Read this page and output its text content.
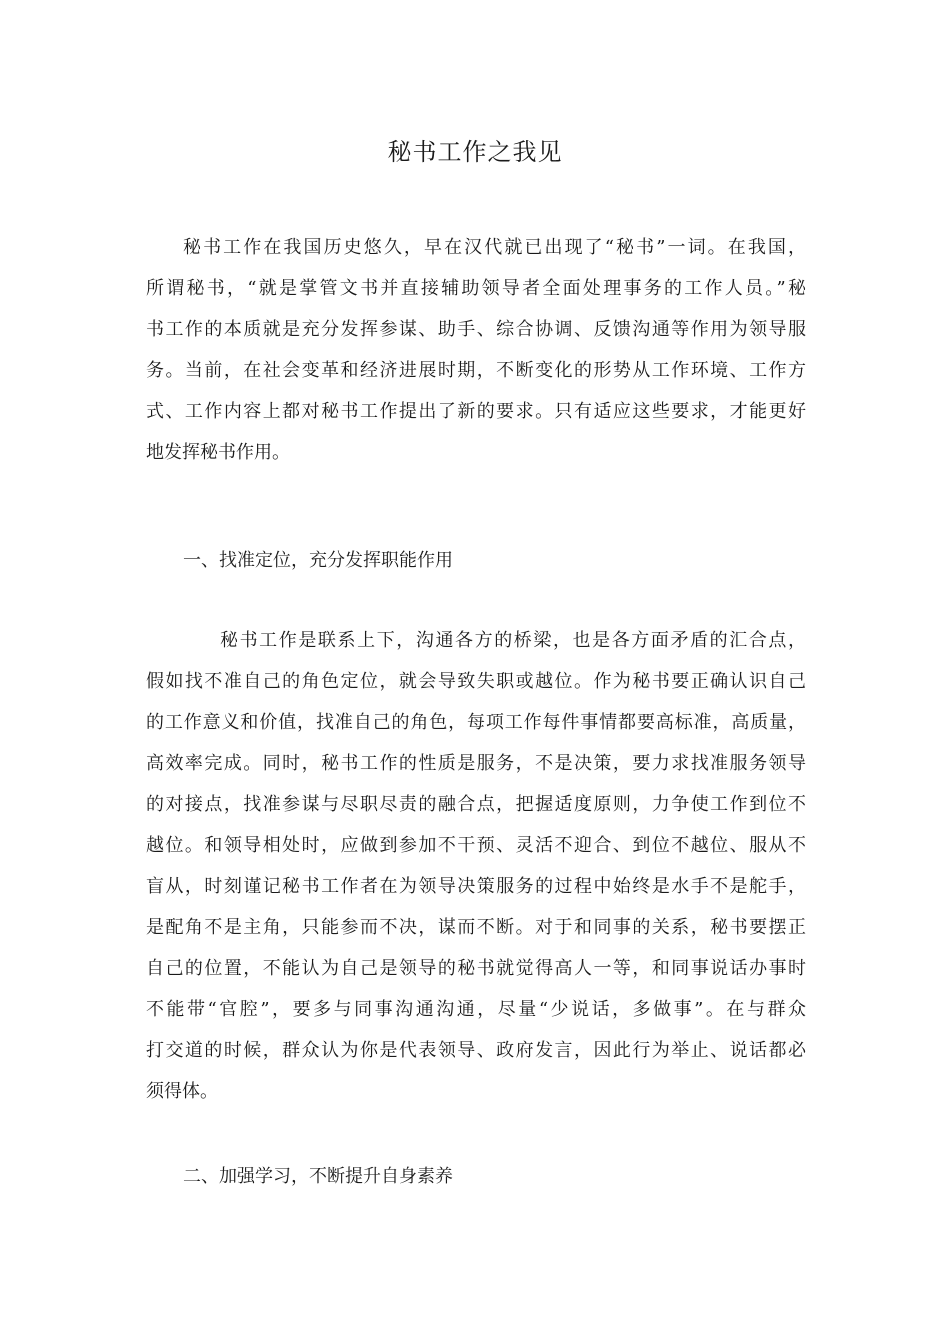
秘书工作之我见

秘书工作在我国历史悠久，早在汉代就已出现了“秘书”一词。在我国，

所谓秘书，“就是掌管文书并直接辅助领导者全面处理事务的工作人员。”秘

书工作的本质就是充分发挥参谋、助手、综合协调、反馈沟通等作用为领导服

务。当前，在社会变革和经济进展时期，不断变化的形势从工作环境、工作方

式、工作内容上都对秘书工作提出了新的要求。只有适应这些要求，才能更好

地发挥秘书作用。

一、找准定位，充分发挥职能作用

秘书工作是联系上下，沟通各方的桥梁，也是各方面矛盾的汇合点，

假如找不准自己的角色定位，就会导致失职或越位。作为秘书要正确认识自己

的工作意义和价值，找准自己的角色，每项工作每件事情都要高标准，高质量，

高效率完成。同时，秘书工作的性质是服务，不是决策，要力求找准服务领导

的对接点，找准参谋与尽职尽责的融合点，把握适度原则，力争使工作到位不

越位。和领导相处时，应做到参加不干预、灵活不迎合、到位不越位、服从不

盲从，时刻谨记秘书工作者在为领导决策服务的过程中始终是水手不是舵手，

是配角不是主角，只能参而不决，谋而不断。对于和同事的关系，秘书要摆正

自己的位置，不能认为自己是领导的秘书就觉得高人一等，和同事说话办事时

不能带“官腔”，要多与同事沟通沟通，尽量“少说话，多做事”。在与群众

打交道的时候，群众认为你是代表领导、政府发言，因此行为举止、说话都必

须得体。

二、加强学习，不断提升自身素养
